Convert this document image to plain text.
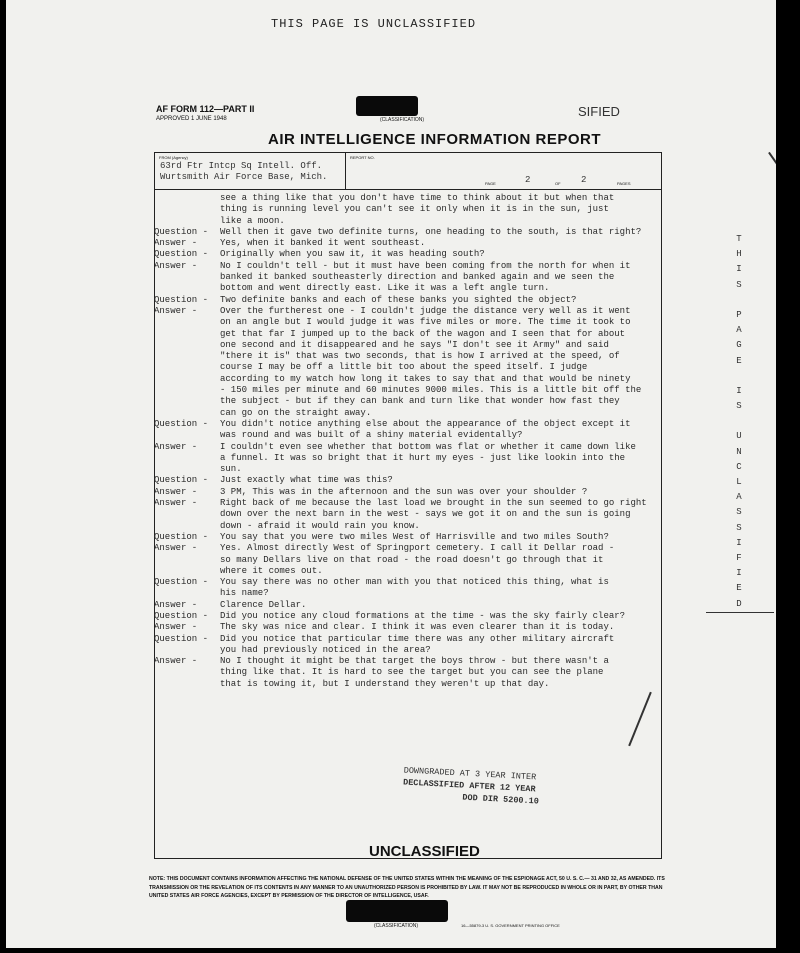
THIS PAGE IS UNCLASSIFIED
AF FORM 112—PART II
APPROVED 1 JUNE 1948	(CLASSIFICATION)
SIFIED
AIR INTELLIGENCE INFORMATION REPORT
FROM (Agency)
63rd Ftr Intcp Sq Intell. Off.
Wurtsmith Air Force Base, Mich.
REPORT NO.
PAGE	2	OF 2	PAGES
see a thing like that you don't have time to think about it but when that
thing is running level you can't see it only when it is in the sun, just
like a moon.
Question -	Well then it gave two definite turns, one heading to the south, is that right?
Answer -	Yes, when it banked it went southeast.
Question -	Originally when you saw it, it was heading south?
Answer -	No I couldn't tell - but it must have been coming from the north for when it
banked it banked southeasterly direction and banked again and we seen the
bottom and went directly east. Like it was a left angle turn.
Question -	Two definite banks and each of these banks you sighted the object?
Answer -	Over the furtherest one - I couldn't judge the distance very well as it went
on an angle but I would judge it was five miles or more. The time it took to
get that far I jumped up to the back of the wagon and I seen that for about
one second and it disappeared and he says "I don't see it Army" and said
"there it is" that was two seconds, that is how I arrived at the speed, of
course I may be off a little bit too about the speed itself. I judge
according to my watch how long it takes to say that and that would be ninety
- 150 miles per minute and 60 minutes 9000 miles. This is a little bit off the
the subject - but if they can bank and turn like that wonder how fast they
can go on the straight away.
Question -	You didn't notice anything else about the appearance of the object except it
was round and was built of a shiny material evidentally?
Answer -	I couldn't even see whether that bottom was flat or whether it came down like
a funnel. It was so bright that it hurt my eyes - just like lookin into the
sun.
Question -	Just exactly what time was this?
Answer -	3 PM, This was in the afternoon and the sun was over your shoulder ?
Answer -	Right back of me because the last load we brought in the sun seemed to go right
down over the next barn in the west - says we got it on and the sun is going
down - afraid it would rain you know.
Question -	You say that you were two miles West of Harrisville and two miles South?
Answer -	Yes. Almost directly West of Springport cemetery. I call it Dellar road -
so many Dellars live on that road - the road doesn't go through that it
where it comes out.
Question -	You say there was no other man with you that noticed this thing, what is
his name?
Answer -	Clarence Dellar.
Question -	Did you notice any cloud formations at the time - was the sky fairly clear?
Answer -	The sky was nice and clear. I think it was even clearer than it is today.
Question -	Did you notice that particular time there was any other military aircraft
you had previously noticed in the area?
Answer -	No I thought it might be that target the boys throw - but there wasn't a
thing like that. It is hard to see the target but you can see the plane
that is towing it, but I understand they weren't up that day.
T
H
I
S
P
A
G
E
I
S
U
N
C
L
A
S
S
I
F
I
E
D
DOWNGRADED AT 3 YEAR INTER
DECLASSIFIED AFTER 12 YEAR
DOD DIR 5200.10
UNCLASSIFIED
NOTE: THIS DOCUMENT CONTAINS INFORMATION AFFECTING THE NATIONAL DEFENSE OF THE UNITED STATES WITHIN THE MEANING OF THE ESPIONAGE ACT, 50 U. S. C.— 31 AND 32, AS AMENDED. ITS TRANSMISSION OR THE REVELATION OF ITS CONTENTS IN ANY MANNER TO AN UNAUTHORIZED PERSON IS PROHIBITED BY LAW. IT MAY NOT BE REPRODUCED IN WHOLE OR IN PART, BY OTHER THAN UNITED STATES AIR FORCE AGENCIES, EXCEPT BY PERMISSION OF THE DIRECTOR OF INTELLIGENCE, USAF.
(CLASSIFICATION)	16—55879-3 U. S. GOVERNMENT PRINTING OFFICE
